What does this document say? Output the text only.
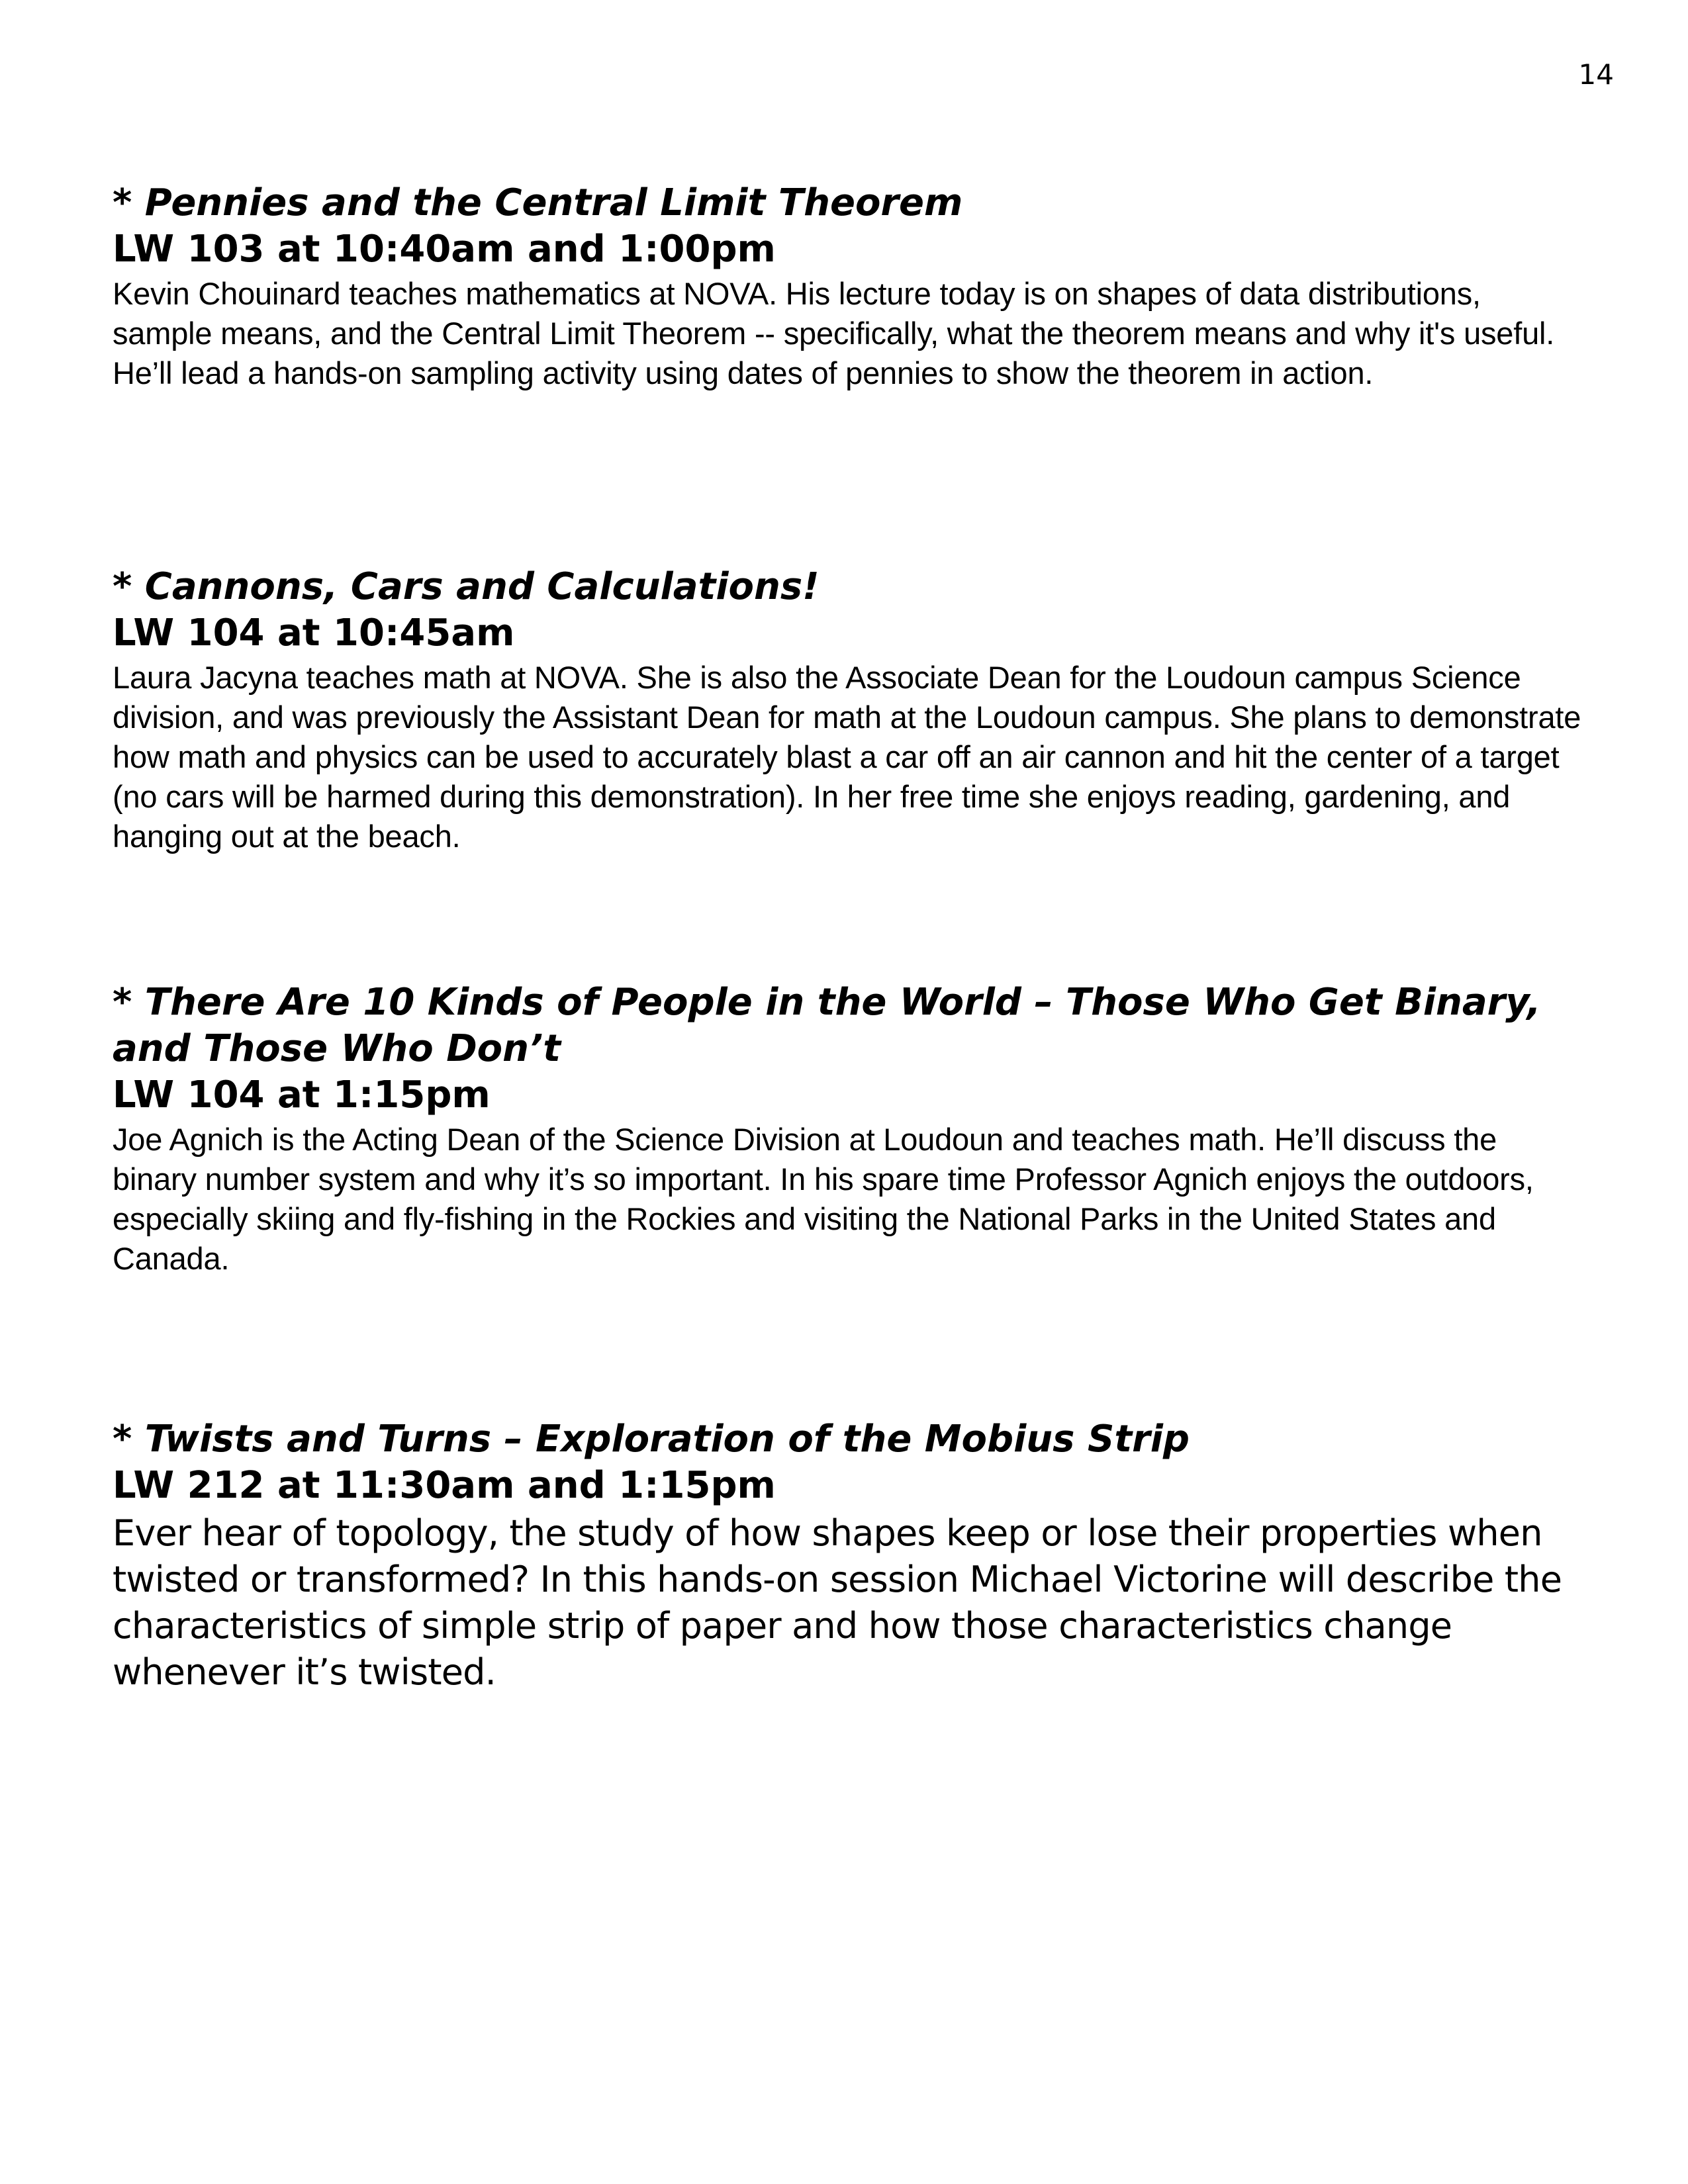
14
* Pennies and the Central Limit Theorem
LW 103 at 10:40am and 1:00pm

Kevin Chouinard teaches mathematics at NOVA. His lecture today is on shapes of data distributions, sample means, and the Central Limit Theorem -- specifically, what the theorem means and why it's useful. He’ll lead a hands-on sampling activity using dates of pennies to show the theorem in action.

* Cannons, Cars and Calculations!
LW 104 at 10:45am

Laura Jacyna teaches math at NOVA. She is also the Associate Dean for the Loudoun campus Science division, and was previously the Assistant Dean for math at the Loudoun campus. She plans to demonstrate how math and physics can be used to accurately blast a car off an air cannon and hit the center of a target (no cars will be harmed during this demonstration). In her free time she enjoys reading, gardening, and hanging out at the beach.

* There Are 10 Kinds of People in the World – Those Who Get Binary, and Those Who Don’t
LW 104 at 1:15pm

Joe Agnich is the Acting Dean of the Science Division at Loudoun and teaches math. He’ll discuss the binary number system and why it’s so important. In his spare time Professor Agnich enjoys the outdoors, especially skiing and fly-fishing in the Rockies and visiting the National Parks in the United States and Canada.

* Twists and Turns – Exploration of the Mobius Strip
LW 212 at 11:30am and 1:15pm

Ever hear of topology, the study of how shapes keep or lose their properties when twisted or transformed? In this hands-on session Michael Victorine will describe the characteristics of simple strip of paper and how those characteristics change whenever it’s twisted.
